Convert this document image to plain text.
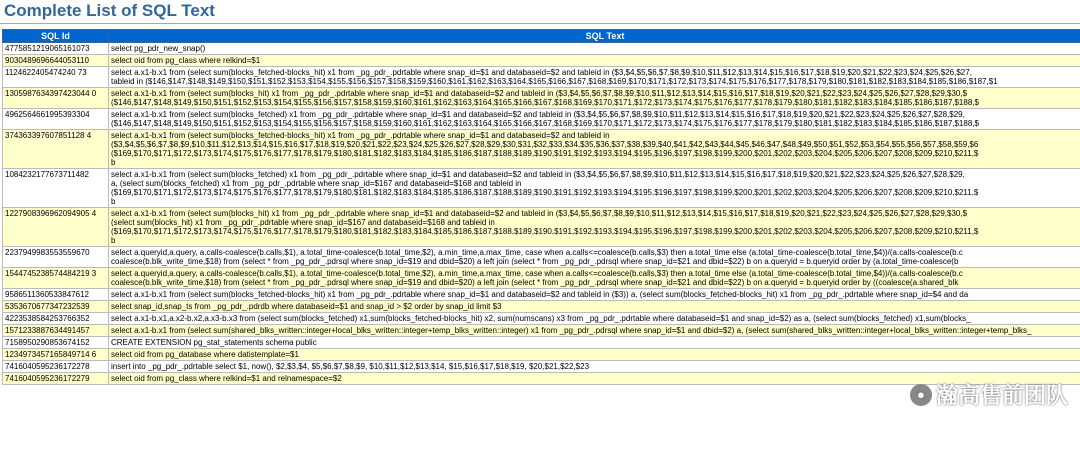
Complete List of SQL Text
SQL Id	SQL Text
4775851219065161073	select pg_pdr_new_snap()

9030489696644053110	select oid from pg_class where relkind=$1

1124622405474240 73	select a.x1-b.x1 from (select sum(blocks_fetched-blocks_hit) x1 from _pg_pdr_.pdrtable where snap_id=$1 and databaseid=$2 and tableid in ($3,$4,$5,$6,$7,$8,$9,$10,$11,$12,$13,$14,$15,$16,$17,$18,$19,$20,$21,$22,$23,$24,$25,$26,$27,
tableid in ($146,$147,$148,$149,$150,$151,$152,$153,$154,$155,$156,$157,$158,$159,$160,$161,$162,$163,$164,$165,$166,$167,$168,$169,$170,$171,$172,$173,$174,$175,$176,$177,$178,$179,$180,$181,$182,$183,$184,$185,$186,$187,$1

1305987634397423044 0	select a.x1-b.x1 from (select sum(blocks_hit) x1 from _pg_pdr_.pdrtable where snap_id=$1 and databaseid=$2 and tableid in ($3,$4,$5,$6,$7,$8,$9,$10,$11,$12,$13,$14,$15,$16,$17,$18,$19,$20,$21,$22,$23,$24,$25,$26,$27,$28,$29,$30,$
($146,$147,$148,$149,$150,$151,$152,$153,$154,$155,$156,$157,$158,$159,$160,$161,$162,$163,$164,$165,$166,$167,$168,$169,$170,$171,$172,$173,$174,$175,$176,$177,$178,$179,$180,$181,$182,$183,$184,$185,$186,$187,$188,$

4962564661995393304	select a.x1-b.x1 from (select sum(blocks_fetched) x1 from _pg_pdr_.pdrtable where snap_id=$1 and databaseid=$2 and tableid in ($3,$4,$5,$6,$7,$8,$9,$10,$11,$12,$13,$14,$15,$16,$17,$18,$19,$20,$21,$22,$23,$24,$25,$26,$27,$28,$29,
($146,$147,$148,$149,$150,$151,$152,$153,$154,$155,$156,$157,$158,$159,$160,$161,$162,$163,$164,$165,$166,$167,$168,$169,$170,$171,$172,$173,$174,$175,$176,$177,$178,$179,$180,$181,$182,$183,$184,$185,$186,$187,$188,$

374363397607851128 4	select a.x1-b.x1 from (select sum(blocks_fetched-blocks_hit) x1 from _pg_pdr_.pdrtable where snap_id=$1 and databaseid=$2 and tableid in
($3,$4,$5,$6,$7,$8,$9,$10,$11,$12,$13,$14,$15,$16,$17,$18,$19,$20,$21,$22,$23,$24,$25,$26,$27,$28,$29,$30,$31,$32,$33,$34,$35,$36,$37,$38,$39,$40,$41,$42,$43,$44,$45,$46,$47,$48,$49,$50,$51,$52,$53,$54,$55,$56,$57,$58,$59,$6
($169,$170,$171,$172,$173,$174,$175,$176,$177,$178,$179,$180,$181,$182,$183,$184,$185,$186,$187,$188,$189,$190,$191,$192,$193,$194,$195,$196,$197,$198,$199,$200,$201,$202,$203,$204,$205,$206,$207,$208,$209,$210,$211,$
b

1084232177673711482	select a.x1-b.x1 from (select sum(blocks_fetched) x1 from _pg_pdr_.pdrtable where snap_id=$1 and databaseid=$2 and tableid in ($3,$4,$5,$6,$7,$8,$9,$10,$11,$12,$13,$14,$15,$16,$17,$18,$19,$20,$21,$22,$23,$24,$25,$26,$27,$28,$29,
a, (select sum(blocks_fetched) x1 from _pg_pdr_.pdrtable where snap_id=$167 and databaseid=$168 and tableid in
($169,$170,$171,$172,$173,$174,$175,$176,$177,$178,$179,$180,$181,$182,$183,$184,$185,$186,$187,$188,$189,$190,$191,$192,$193,$194,$195,$196,$197,$198,$199,$200,$201,$202,$203,$204,$205,$206,$207,$208,$209,$210,$211,$
b

1227908396962094905 4	select a.x1-b.x1 from (select sum(blocks_hit) x1 from _pg_pdr_.pdrtable where snap_id=$1 and databaseid=$2 and tableid in ($3,$4,$5,$6,$7,$8,$9,$10,$11,$12,$13,$14,$15,$16,$17,$18,$19,$20,$21,$22,$23,$24,$25,$26,$27,$28,$29,$30,$
(select sum(blocks_hit) x1 from _pg_pdr_.pdrtable where snap_id=$167 and databaseid=$168 and tableid in
($169,$170,$171,$172,$173,$174,$175,$176,$177,$178,$179,$180,$181,$182,$183,$184,$185,$186,$187,$188,$189,$190,$191,$192,$193,$194,$195,$196,$197,$198,$199,$200,$201,$202,$203,$204,$205,$206,$207,$208,$209,$210,$211,$
b

2237949983553559670	select a.queryid,a.query, a.calls-coalesce(b.calls,$1), a.total_time-coalesce(b.total_time,$2), a.min_time,a.max_time, case when a.calls<=coalesce(b.calls,$3) then a.total_time else (a.total_time-coalesce(b.total_time,$4))/(a.calls-coalesce(b.c
coalesce(b.blk_write_time,$18) from (select * from _pg_pdr_.pdrsql where snap_id=$19 and dbid=$20) a left join (select * from _pg_pdr_.pdrsql where snap_id=$21 and dbid=$22) b on a.queryid = b.queryid order by (a.total_time-coalesce(b

1544745238574484219 3	select a.queryid,a.query, a.calls-coalesce(b.calls,$1), a.total_time-coalesce(b.total_time,$2), a.min_time,a.max_time, case when a.calls<=coalesce(b.calls,$3) then a.total_time else (a.total_time-coalesce(b.total_time,$4))/(a.calls-coalesce(b.c
coalesce(b.blk_write_time,$18) from (select * from _pg_pdr_.pdrsql where snap_id=$19 and dbid=$20) a left join (select * from _pg_pdr_.pdrsql where snap_id=$21 and dbid=$22) b on a.queryid = b.queryid order by ((coalesce(a.shared_blk

9586511360533847612	select a.x1-b.x1 from (select sum(blocks_fetched-blocks_hit) x1 from _pg_pdr_.pdrtable where snap_id=$1 and databaseid=$2 and tableid in ($3)) a, (select sum(blocks_fetched-blocks_hit) x1 from _pg_pdr_.pdrtable where snap_id=$4 and da

5353670677347232539	select snap_id,snap_ts from _pg_pdr_.pdrdb where databaseid=$1 and snap_id > $2 order by snap_id limit $3

4223538584253766352	select a.x1-b.x1,a.x2-b.x2,a.x3-b.x3 from (select sum(blocks_fetched) x1,sum(blocks_fetched-blocks_hit) x2, sum(numscans) x3 from _pg_pdr_.pdrtable where databaseid=$1 and snap_id=$2) as a, (select sum(blocks_fetched) x1,sum(blocks_

1571233887634491457	select a.x1-b.x1 from (select sum(shared_blks_written::integer+local_blks_written::integer+temp_blks_written::integer) x1 from _pg_pdr_.pdrsql where snap_id=$1 and dbid=$2) a, (select sum(shared_blks_written::integer+local_blks_written::integer+temp_blks_

7158950290853674152	CREATE EXTENSION pg_stat_statements schema public

1234973457165849714 6	select oid from pg_database where datistemplate=$1

7416040595236172278	insert into _pg_pdr_.pdrtable select $1, now(), $2,$3,$4, $5,$6,$7,$8,$9, $10,$11,$12,$13,$14, $15,$16,$17,$18,$19, $20,$21,$22,$23

7416040595236172279	select oid from pg_class where relkind=$1 and relnamespace=$2
● 瀚高售前团队
